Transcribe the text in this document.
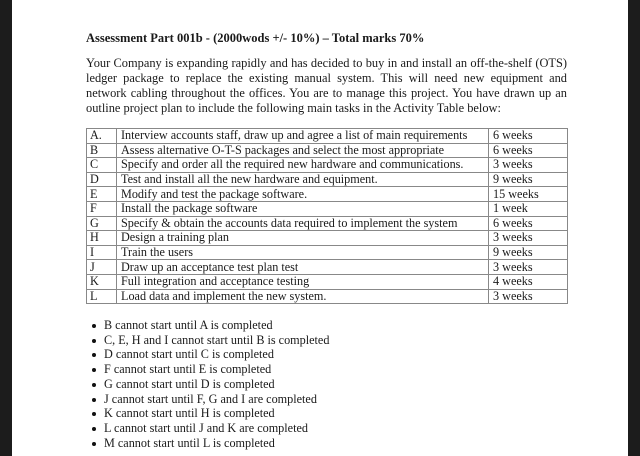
Assessment Part 001b - (2000wods +/- 10%) – Total marks 70%
Your Company is expanding rapidly and has decided to buy in and install an off-the-shelf (OTS) ledger package to replace the existing manual system. This will need new equipment and network cabling throughout the offices. You are to manage this project. You have drawn up an outline project plan to include the following main tasks in the Activity Table below:
A.	Interview accounts staff, draw up and agree a list of main requirements	6 weeks
B	Assess alternative O-T-S packages and select the most appropriate	6 weeks
C	Specify and order all the required new hardware and communications.	3 weeks
D	Test and install all the new hardware and equipment.	9 weeks
E	Modify and test the package software.	15 weeks
F	Install the package software	1 week
G	Specify & obtain the accounts data required to implement the system	6 weeks
H	Design a training plan	3 weeks
I	Train the users	9 weeks
J	Draw up an acceptance test plan test	3 weeks
K	Full integration and acceptance testing	4 weeks
L	Load data and implement the new system.	3 weeks
B cannot start until A is completed
C, E, H and I cannot start until B is completed
D cannot start until C is completed
F cannot start until E is completed
G cannot start until D is completed
J cannot start until F, G and I are completed
K cannot start until H is completed
L cannot start until J and K are completed
M cannot start until L is completed
